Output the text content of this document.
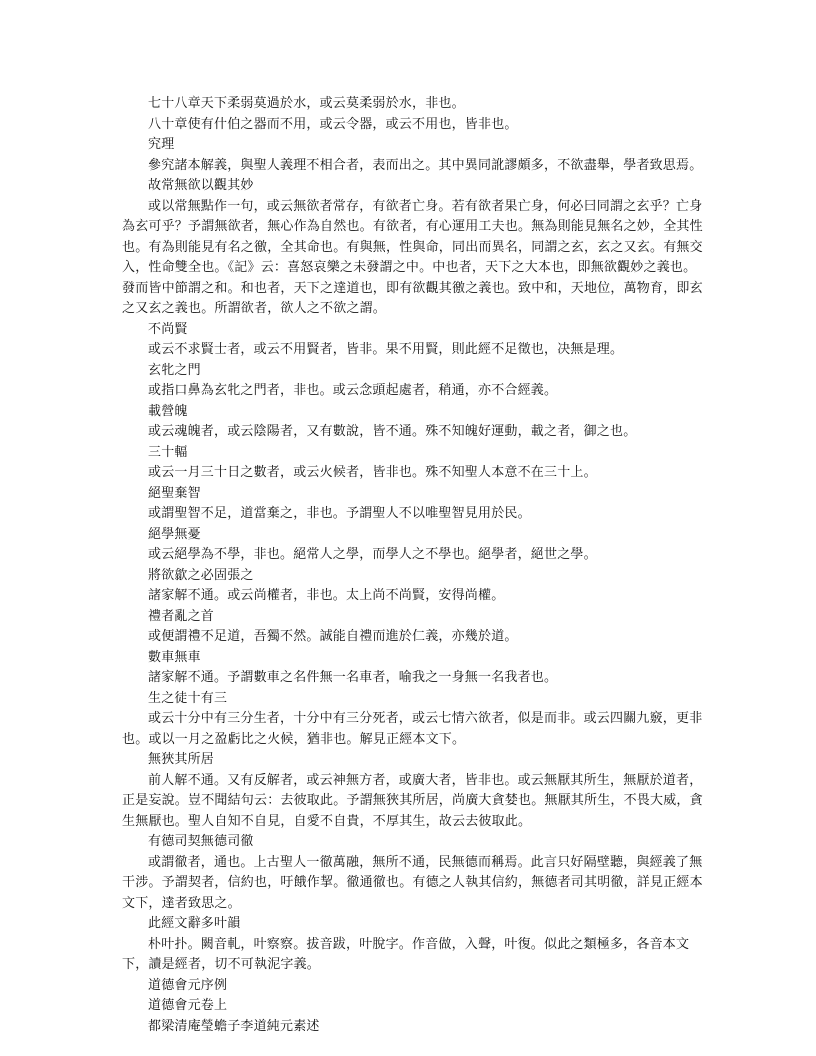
七十八章天下柔弱莫過於水，或云莫柔弱於水，非也。

八十章使有什伯之器而不用，或云令器，或云不用也，皆非也。

究理

參究諸本解義，與聖人義理不相合者，表而出之。其中異同訛謬頗多，不欲盡舉，學者致思焉。

故常無欲以觀其妙

或以常無點作一句，或云無欲者常存，有欲者亡身。若有欲者果亡身，何必曰同謂之玄乎？亡身為玄可乎？予謂無欲者，無心作為自然也。有欲者，有心運用工夫也。無為則能見無名之妙，全其性也。有為則能見有名之徼，全其命也。有與無，性與命，同出而異名，同謂之玄，玄之又玄。有無交入，性命雙全也。《記》云：喜怒哀樂之未發謂之中。中也者，天下之大本也，即無欲觀妙之義也。發而皆中節謂之和。和也者，天下之達道也，即有欲觀其徼之義也。致中和，天地位，萬物育，即玄之又玄之義也。所謂欲者，欲人之不欲之謂。

不尚賢

或云不求賢士者，或云不用賢者，皆非。果不用賢，則此經不足徵也，决無是理。

玄牝之門

或指口鼻為玄牝之門者，非也。或云念頭起處者，稍通，亦不合經義。

載營魄

或云魂魄者，或云陰陽者，又有數說，皆不通。殊不知魄好運動，載之者，御之也。

三十輻

或云一月三十日之數者，或云火候者，皆非也。殊不知聖人本意不在三十上。

絕聖棄智

或謂聖智不足，道當棄之，非也。予謂聖人不以唯聖智見用於民。

絕學無憂

或云絕學為不學，非也。絕常人之學，而學人之不學也。絕學者，絕世之學。

將欲歙之必固張之

諸家解不通。或云尚權者，非也。太上尚不尚賢，安得尚權。

禮者亂之首

或便謂禮不足道，吾獨不然。誠能自禮而進於仁義，亦幾於道。

數車無車

諸家解不通。予謂數車之名件無一名車者，喻我之一身無一名我者也。

生之徒十有三

或云十分中有三分生者，十分中有三分死者，或云七情六欲者，似是而非。或云四關九竅，更非也。或以一月之盈虧比之火候，猶非也。解見正經本文下。

無狹其所居

前人解不通。又有反解者，或云神無方者，或廣大者，皆非也。或云無厭其所生，無厭於道者，正是妄說。豈不聞結句云：去彼取此。予謂無狹其所居，尚廣大貪婪也。無厭其所生，不畏大威，貪生無厭也。聖人自知不自見，自愛不自貴，不厚其生，故云去彼取此。

有德司契無德司徹

或謂徹者，通也。上古聖人一徹萬融，無所不通，民無德而稱焉。此言只好隔壁聽，與經義了無干涉。予謂契者，信約也，吁餓作挈。徹通徹也。有德之人執其信約，無德者司其明徹，詳見正經本文下，達者致思之。

此經文辭多叶韻

朴叶扑。闕音軋，叶察察。拔音跋，叶脫字。作音做，入聲，叶復。似此之類極多，各音本文下，讀是經者，切不可執泥字義。

道德會元序例

道德會元卷上

都梁清庵瑩蟾子李道純元素述
